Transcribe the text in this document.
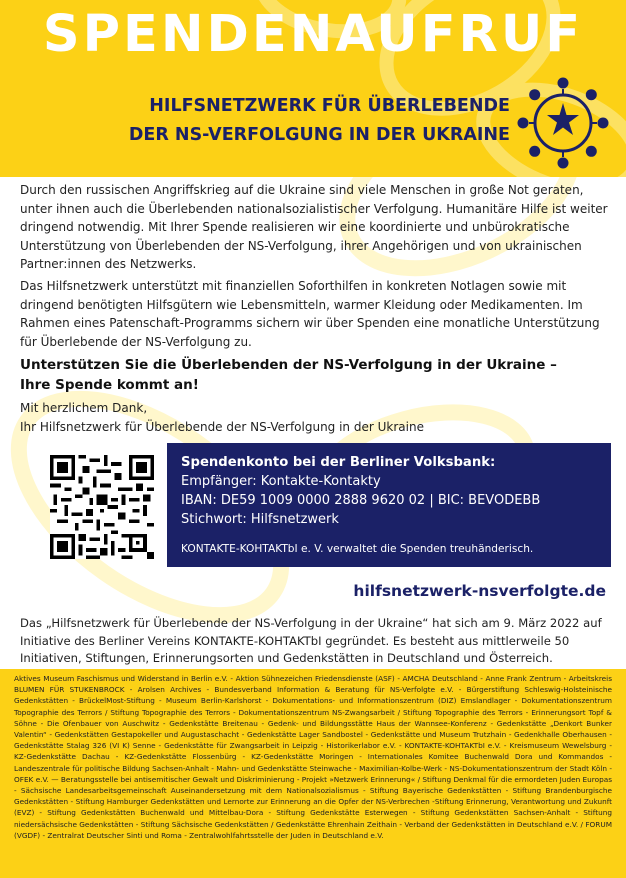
SPENDENAUFRUF
HILFSNETZWERK FÜR ÜBERLEBENDE
DER NS-VERFOLGUNG IN DER UKRAINE

Durch den russischen Angriffskrieg auf die Ukraine sind viele Menschen in große Not geraten, unter ihnen auch die Überlebenden nationalsozialistischer Verfolgung. Humanitäre Hilfe ist weiter dringend notwendig. Mit Ihrer Spende realisieren wir eine koordinierte und unbürokratische Unterstützung von Überlebenden der NS-Verfolgung, ihrer Angehörigen und von ukrainischen Partner:innen des Netzwerks.

Das Hilfsnetzwerk unterstützt mit finanziellen Soforthilfen in konkreten Notlagen sowie mit dringend benötigten Hilfsgütern wie Lebensmitteln, warmer Kleidung oder Medikamenten. Im Rahmen eines Patenschaft-Programms sichern wir über Spenden eine monatliche Unterstützung für Überlebende der NS-Verfolgung zu.

Unterstützen Sie die Überlebenden der NS-Verfolgung in der Ukraine –
Ihre Spende kommt an!
Mit herzlichem Dank,
Ihr Hilfsnetzwerk für Überlebende der NS-Verfolgung in der Ukraine
Spendenkonto bei der Berliner Volksbank:
Empfänger: Kontakte-Kontakty
IBAN: DE59 1009 0000 2888 9620 02 | BIC: BEVODEBB
Stichwort: Hilfsnetzwerk
KONTAKTE-KOHTAKTbI e. V. verwaltet die Spenden treuhänderisch.
hilfsnetzwerk-nsverfolgte.de

Das „Hilfsnetzwerk für Überlebende der NS-Verfolgung in der Ukraine“ hat sich am 9. März 2022 auf Initiative des Berliner Vereins KONTAKTE-KOHTAKTbI gegründet. Es besteht aus mittlerweile 50 Initiativen, Stiftungen, Erinnerungsorten und Gedenkstätten in Deutschland und Österreich.

Aktives Museum Faschismus und Widerstand in Berlin e.V. - Aktion Sühnezeichen Friedensdienste (ASF) - AMCHA Deutschland - Anne Frank Zentrum - Arbeitskreis BLUMEN FÜR STUKENBROCK - Arolsen Archives - Bundesverband Information & Beratung für NS-Verfolgte e.V. - Bürgerstiftung Schleswig-Holsteinische Gedenkstätten - BrückelMost-Stiftung - Museum Berlin-Karlshorst - Dokumentations- und Informationszentrum (DIZ) Emslandlager - Dokumentationszentrum Topographie des Terrors / Stiftung Topographie des Terrors - Dokumentationszentrum NS-Zwangsarbeit / Stiftung Topographie des Terrors - Erinnerungsort Topf & Söhne - Die Ofenbauer von Auschwitz - Gedenkstätte Breitenau - Gedenk- und Bildungsstätte Haus der Wannsee-Konferenz - Gedenkstätte „Denkort Bunker Valentin“ - Gedenkstätten Gestapokeller und Augustaschacht - Gedenkstätte Lager Sandbostel - Gedenkstätte und Museum Trutzhain - Gedenkhalle Oberhausen - Gedenkstätte Stalag 326 (VI K) Senne - Gedenkstätte für Zwangsarbeit in Leipzig - Historikerlabor e.V. - KONTAKTE-KOHTAKTbI e.V. - Kreismuseum Wewelsburg - KZ-Gedenkstätte Dachau - KZ-Gedenkstätte Flossenbürg - KZ-Gedenkstätte Moringen - Internationales Komitee Buchenwald Dora und Kommandos - Landeszentrale für politische Bildung Sachsen-Anhalt - Mahn- und Gedenkstätte Steinwache - Maximilian-Kolbe-Werk - NS-Dokumentationszentrum der Stadt Köln - OFEK e.V. — Beratungsstelle bei antisemitischer Gewalt und Diskriminierung - Projekt »Netzwerk Erinnerung« / Stiftung Denkmal für die ermordeten Juden Europas - Sächsische Landesarbeitsgemeinschaft Auseinandersetzung mit dem Nationalsozialismus - Stiftung Bayerische Gedenkstätten - Stiftung Brandenburgische Gedenkstätten - Stiftung Hamburger Gedenkstätten und Lernorte zur Erinnerung an die Opfer der NS-Verbrechen -Stiftung Erinnerung, Verantwortung und Zukunft (EVZ) - Stiftung Gedenkstätten Buchenwald und Mittelbau-Dora - Stiftung Gedenkstätte Esterwegen - Stiftung Gedenkstätten Sachsen-Anhalt - Stiftung niedersächsische Gedenkstätten - Stiftung Sächsische Gedenkstätten / Gedenkstätte Ehrenhain Zeithain - Verband der Gedenkstätten in Deutschland e.V. / FORUM (VGDF) - Zentralrat Deutscher Sinti und Roma - Zentralwohlfahrtsstelle der Juden in Deutschland e.V.
